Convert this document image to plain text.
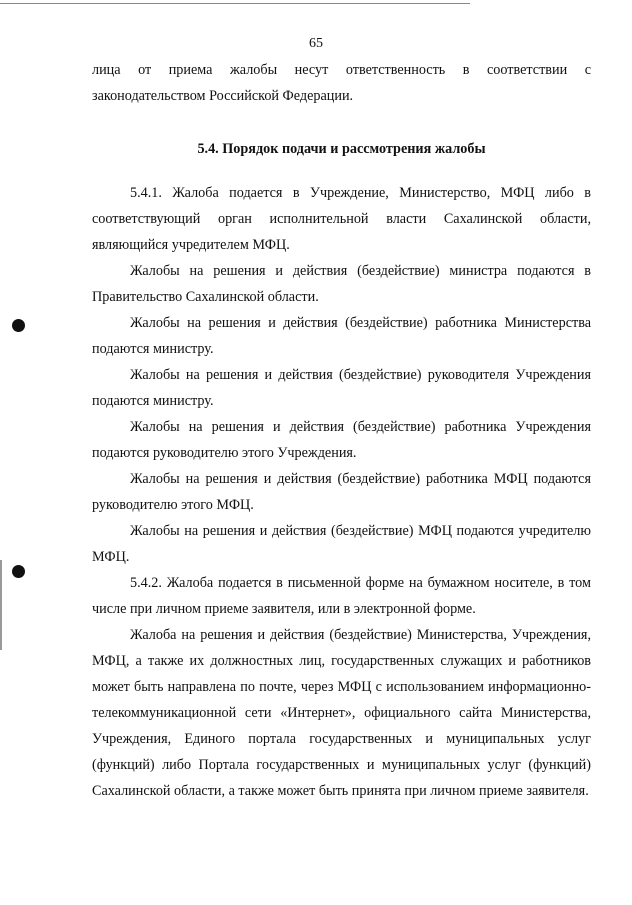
65

лица от приема жалобы несут ответственность в соответствии с законодательством Российской Федерации.

5.4. Порядок подачи и рассмотрения жалобы

5.4.1. Жалоба подается в Учреждение, Министерство, МФЦ либо в соответствующий орган исполнительной власти Сахалинской области, являющийся учредителем МФЦ.

Жалобы на решения и действия (бездействие) министра подаются в Правительство Сахалинской области.

Жалобы на решения и действия (бездействие) работника Министерства подаются министру.

Жалобы на решения и действия (бездействие) руководителя Учреждения подаются министру.

Жалобы на решения и действия (бездействие) работника Учреждения подаются руководителю этого Учреждения.

Жалобы на решения и действия (бездействие) работника МФЦ подаются руководителю этого МФЦ.

Жалобы на решения и действия (бездействие) МФЦ подаются учредителю МФЦ.

5.4.2. Жалоба подается в письменной форме на бумажном носителе, в том числе при личном приеме заявителя, или в электронной форме.

Жалоба на решения и действия (бездействие) Министерства, Учреждения, МФЦ, а также их должностных лиц, государственных служащих и работников может быть направлена по почте, через МФЦ с использованием информационно-телекоммуникационной сети «Интернет», официального сайта Министерства, Учреждения, Единого портала государственных и муниципальных услуг (функций) либо Портала государственных и муниципальных услуг (функций) Сахалинской области, а также может быть принята при личном приеме заявителя.
